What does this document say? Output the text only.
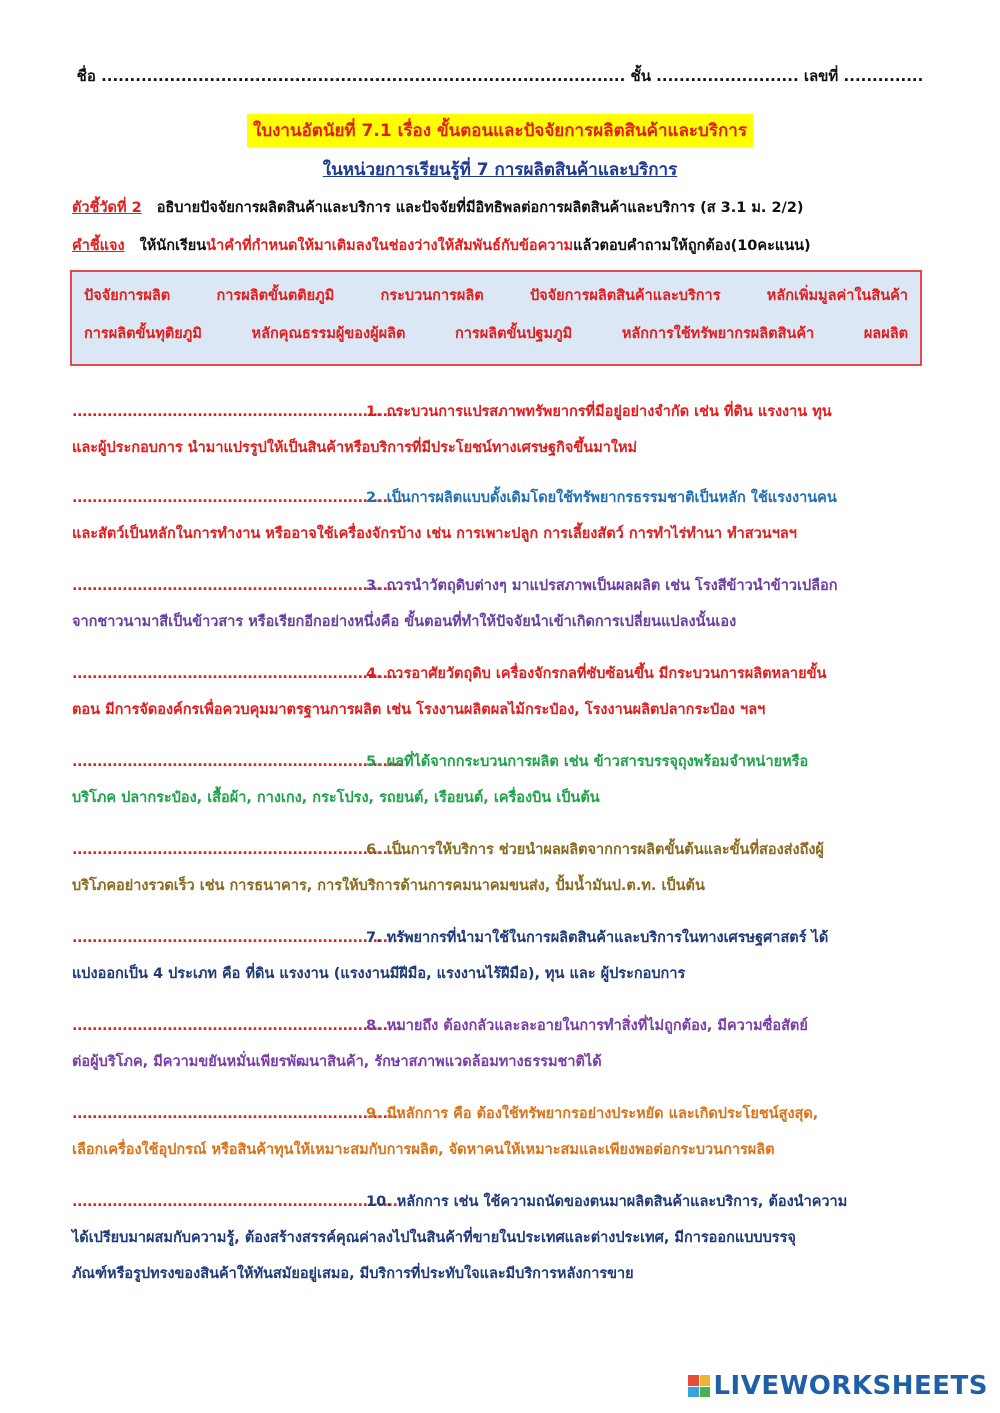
ชื่อ ............................................................................................ ชั้น ......................... เลขที่ ..............
ใบงานอัตนัยที่ 7.1 เรื่อง ขั้นตอนและปัจจัยการผลิตสินค้าและบริการ
ในหน่วยการเรียนรู้ที่ 7 การผลิตสินค้าและบริการ
ตัวชี้วัดที่ 2 อธิบายปัจจัยการผลิตสินค้าและบริการ และปัจจัยที่มีอิทธิพลต่อการผลิตสินค้าและบริการ (ส 3.1 ม. 2/2)
คำชี้แจง ให้นักเรียนนำคำที่กำหนดให้มาเติมลงในช่องว่างให้สัมพันธ์กับข้อความแล้วตอบคำถามให้ถูกต้อง(10คะแนน)
ปัจจัยการผลิต	การผลิตขั้นตติยภูมิ	กระบวนการผลิต	ปัจจัยการผลิตสินค้าและบริการ	หลักเพิ่มมูลค่าในสินค้า
การผลิตขั้นทุติยภูมิ	หลักคุณธรรมผู้ของผู้ผลิต	การผลิตขั้นปฐมภูมิ	หลักการใช้ทรัพยากรผลิตสินค้า	ผลผลิต
..................................................................1. กระบวนการแปรสภาพทรัพยากรที่มีอยู่อย่างจำกัด เช่น ที่ดิน แรงงาน ทุน
และผู้ประกอบการ นำมาแปรรูปให้เป็นสินค้าหรือบริการที่มีประโยชน์ทางเศรษฐกิจขึ้นมาใหม่
..................................................................2. เป็นการผลิตแบบดั้งเดิมโดยใช้ทรัพยากรธรรมชาติเป็นหลัก ใช้แรงงานคน
และสัตว์เป็นหลักในการทำงาน หรืออาจใช้เครื่องจักรบ้าง เช่น การเพาะปลูก การเลี้ยงสัตว์ การทำไร่ทำนา ทำสวนฯลฯ
..................................................................3. การนำวัตถุดิบต่างๆ มาแปรสภาพเป็นผลผลิต เช่น โรงสีข้าวนำข้าวเปลือก
จากชาวนามาสีเป็นข้าวสาร หรือเรียกอีกอย่างหนึ่งคือ ขั้นตอนที่ทำให้ปัจจัยนำเข้าเกิดการเปลี่ยนแปลงนั้นเอง
..................................................................4. การอาศัยวัตถุดิบ เครื่องจักรกลที่ซับซ้อนขึ้น มีกระบวนการผลิตหลายขั้น
ตอน มีการจัดองค์กรเพื่อควบคุมมาตรฐานการผลิต เช่น โรงงานผลิตผลไม้กระป๋อง, โรงงานผลิตปลากระป๋อง ฯลฯ
..................................................................5. ผลที่ได้จากกระบวนการผลิต เช่น ข้าวสารบรรจุถุงพร้อมจำหน่ายหรือ
บริโภค ปลากระป๋อง, เสื้อผ้า, กางเกง, กระโปรง, รถยนต์, เรือยนต์, เครื่องบิน เป็นต้น
..................................................................6. เป็นการให้บริการ ช่วยนำผลผลิตจากการผลิตขั้นต้นและขั้นที่สองส่งถึงผู้
บริโภคอย่างรวดเร็ว เช่น การธนาคาร, การให้บริการด้านการคมนาคมขนส่ง, ปั้มน้ำมันป.ต.ท. เป็นต้น
..................................................................7. ทรัพยากรที่นำมาใช้ในการผลิตสินค้าและบริการในทางเศรษฐศาสตร์ ได้
แบ่งออกเป็น 4 ประเภท คือ ที่ดิน แรงงาน (แรงงานมีฝีมือ, แรงงานไร้ฝีมือ), ทุน และ ผู้ประกอบการ
..................................................................8. หมายถึง ต้องกลัวและละอายในการทำสิ่งที่ไม่ถูกต้อง, มีความซื่อสัตย์
ต่อผู้บริโภค, มีความขยันหมั่นเพียรพัฒนาสินค้า, รักษาสภาพแวดล้อมทางธรรมชาติได้
..................................................................9. มีหลักการ คือ ต้องใช้ทรัพยากรอย่างประหยัด และเกิดประโยชน์สูงสุด,
เลือกเครื่องใช้อุปกรณ์ หรือสินค้าทุนให้เหมาะสมกับการผลิต, จัดหาคนให้เหมาะสมและเพียงพอต่อกระบวนการผลิต
..................................................................10. หลักการ เช่น ใช้ความถนัดของตนมาผลิตสินค้าและบริการ, ต้องนำความ
ได้เปรียบมาผสมกับความรู้, ต้องสร้างสรรค์คุณค่าลงไปในสินค้าที่ขายในประเทศและต่างประเทศ, มีการออกแบบบรรจุ
ภัณฑ์หรือรูปทรงของสินค้าให้ทันสมัยอยู่เสมอ, มีบริการที่ประทับใจและมีบริการหลังการขาย
LIVEWORKSHEETS
